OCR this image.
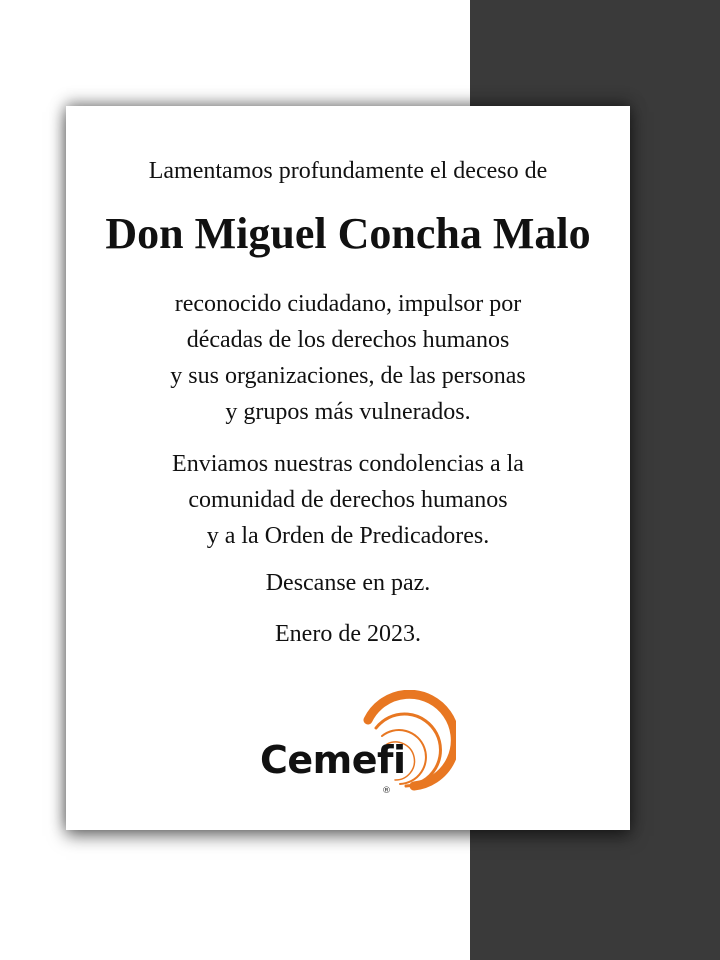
Lamentamos profundamente el deceso de
Don Miguel Concha Malo
reconocido ciudadano, impulsor por
décadas de los derechos humanos
y sus organizaciones, de las personas
y grupos más vulnerados.
Enviamos nuestras condolencias a la
comunidad de derechos humanos
y a la Orden de Predicadores.
Descanse en paz.
Enero de 2023.
Cemefi
®
